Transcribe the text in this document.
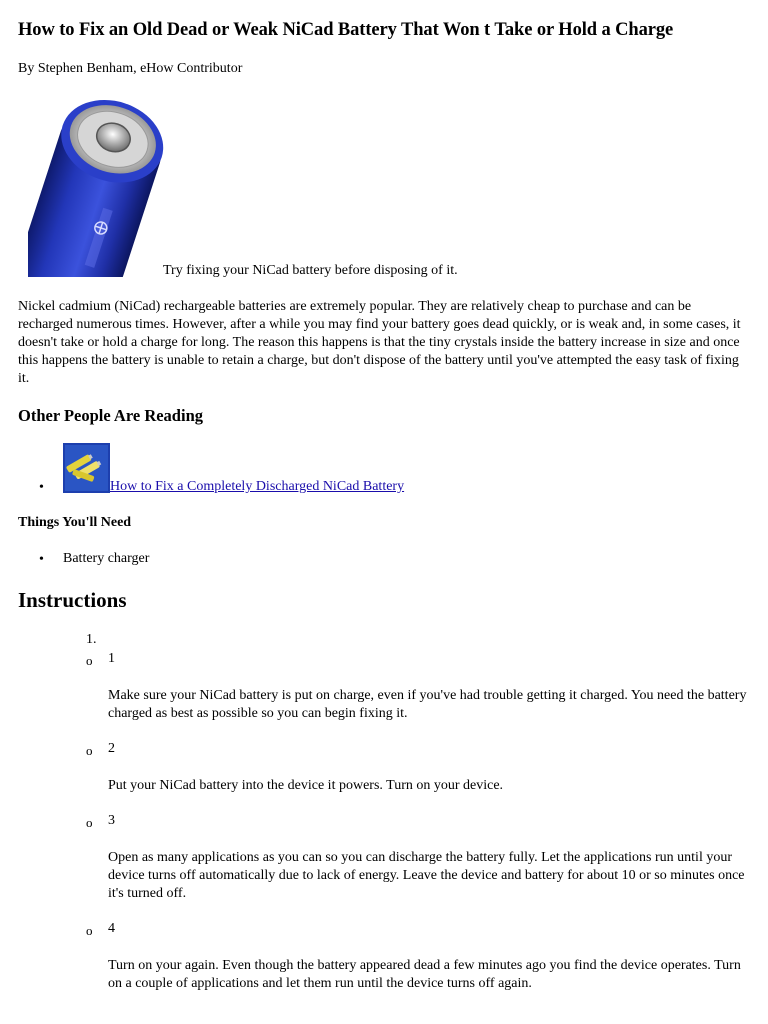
How to Fix an Old Dead or Weak NiCad Battery That Won t Take or Hold a Charge
By Stephen Benham, eHow Contributor
Try fixing your NiCad battery before disposing of it.

Nickel cadmium (NiCad) rechargeable batteries are extremely popular. They are relatively cheap to purchase and can be recharged numerous times. However, after a while you may find your battery goes dead quickly, or is weak and, in some cases, it doesn't take or hold a charge for long. The reason this happens is that the tiny crystals inside the battery increase in size and once this happens the battery is unable to retain a charge, but don't dispose of the battery until you've attempted the easy task of fixing it.

Other People Are Reading
•	How to Fix a Completely Discharged NiCad Battery
Things You'll Need
• Battery charger
Instructions
1.
o 1

Make sure your NiCad battery is put on charge, even if you've had trouble getting it charged. You need the battery charged as best as possible so you can begin fixing it.

o 2

Put your NiCad battery into the device it powers. Turn on your device.

o 3

Open as many applications as you can so you can discharge the battery fully. Let the applications run until your device turns off automatically due to lack of energy. Leave the device and battery for about 10 or so minutes once it's turned off.

o 4

Turn on your again. Even though the battery appeared dead a few minutes ago you find the device operates. Turn on a couple of applications and let them run until the device turns off again.
